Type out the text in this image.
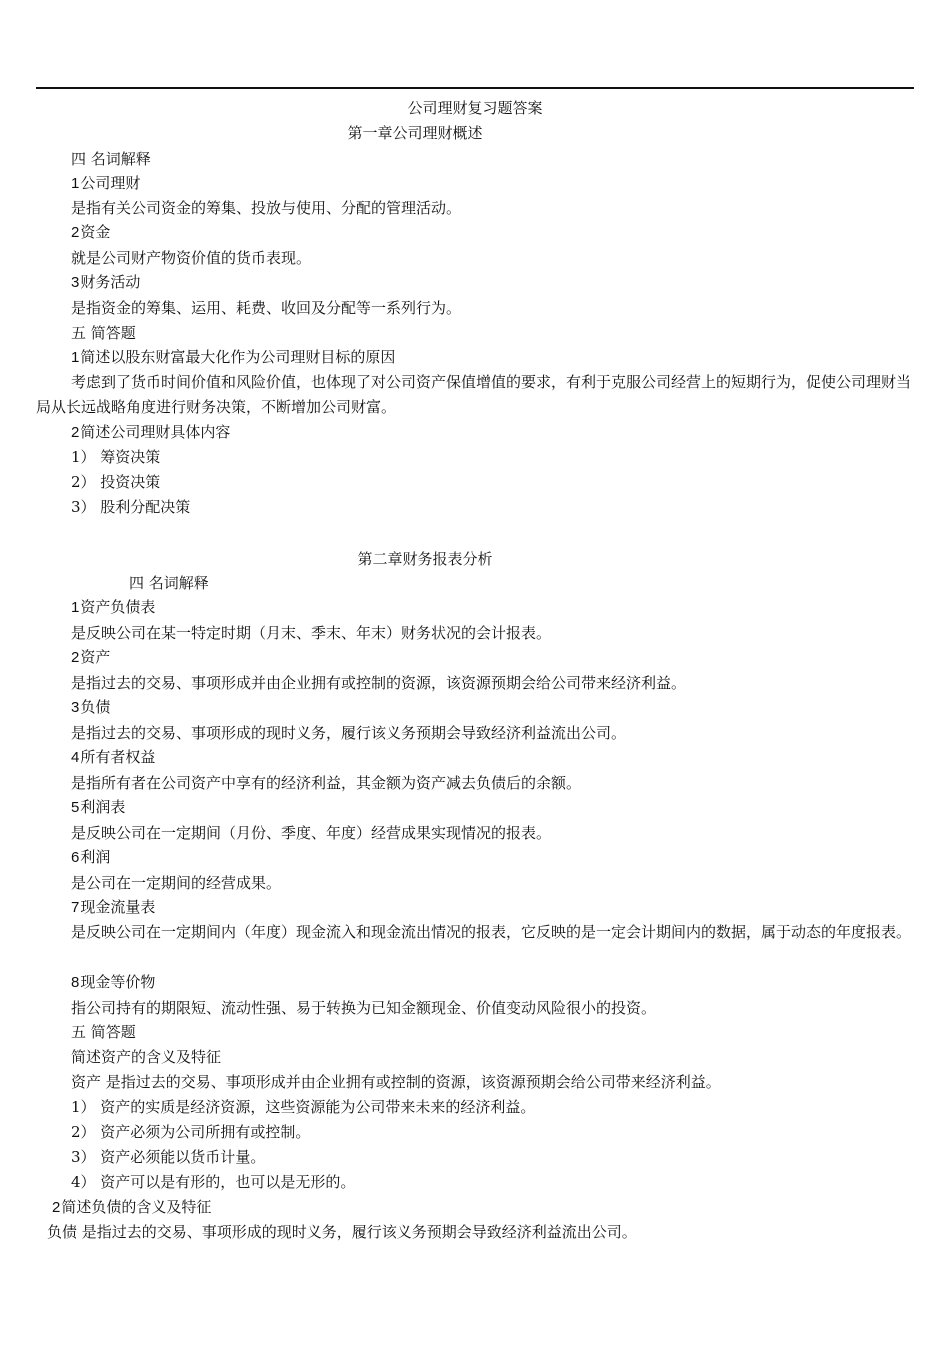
公司理财复习题答案
第一章公司理财概述
四 名词解释
1公司理财
是指有关公司资金的筹集、投放与使用、分配的管理活动。
2资金
就是公司财产物资价值的货币表现。
3财务活动
是指资金的筹集、运用、耗费、收回及分配等一系列行为。
五 简答题
1简述以股东财富最大化作为公司理财目标的原因
考虑到了货币时间价值和风险价值，也体现了对公司资产保值增值的要求，有利于克服公司经营上的短期行为，促使公司理财当局从长远战略角度进行财务决策，不断增加公司财富。
2简述公司理财具体内容
1） 筹资决策
2） 投资决策
3） 股利分配决策
第二章财务报表分析
四 名词解释
1资产负债表
是反映公司在某一特定时期（月末、季末、年末）财务状况的会计报表。
2资产
是指过去的交易、事项形成并由企业拥有或控制的资源，该资源预期会给公司带来经济利益。
3负债
是指过去的交易、事项形成的现时义务，履行该义务预期会导致经济利益流出公司。
4所有者权益
是指所有者在公司资产中享有的经济利益，其金额为资产减去负债后的余额。
5利润表
是反映公司在一定期间（月份、季度、年度）经营成果实现情况的报表。
6利润
是公司在一定期间的经营成果。
7现金流量表
是反映公司在一定期间内（年度）现金流入和现金流出情况的报表，它反映的是一定会计期间内的数据，属于动态的年度报表。
8现金等价物
指公司持有的期限短、流动性强、易于转换为已知金额现金、价值变动风险很小的投资。
五 简答题
简述资产的含义及特征
资产 是指过去的交易、事项形成并由企业拥有或控制的资源，该资源预期会给公司带来经济利益。
1） 资产的实质是经济资源，这些资源能为公司带来未来的经济利益。
2） 资产必须为公司所拥有或控制。
3） 资产必须能以货币计量。
4） 资产可以是有形的，也可以是无形的。
2简述负债的含义及特征
负债 是指过去的交易、事项形成的现时义务，履行该义务预期会导致经济利益流出公司。
